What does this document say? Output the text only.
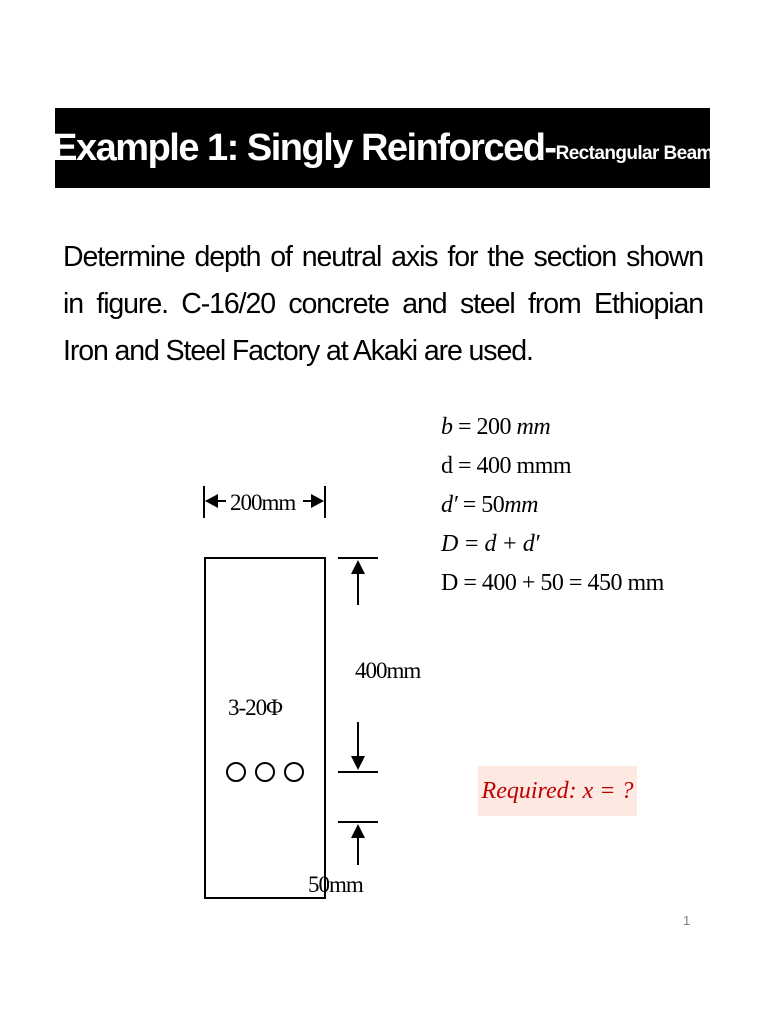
Example 1: Singly Reinforced- Rectangular Beam

Determine depth of neutral axis for the section shown in figure. C-16/20 concrete and steel from Ethiopian Iron and Steel Factory at Akaki are used.

b = 200 mm
d = 400 mmm
d′ = 50mm
D = d + d′
D = 400 + 50 = 450 mm
200mm
3-20Φ
400mm
50mm
Required: x = ?
1
